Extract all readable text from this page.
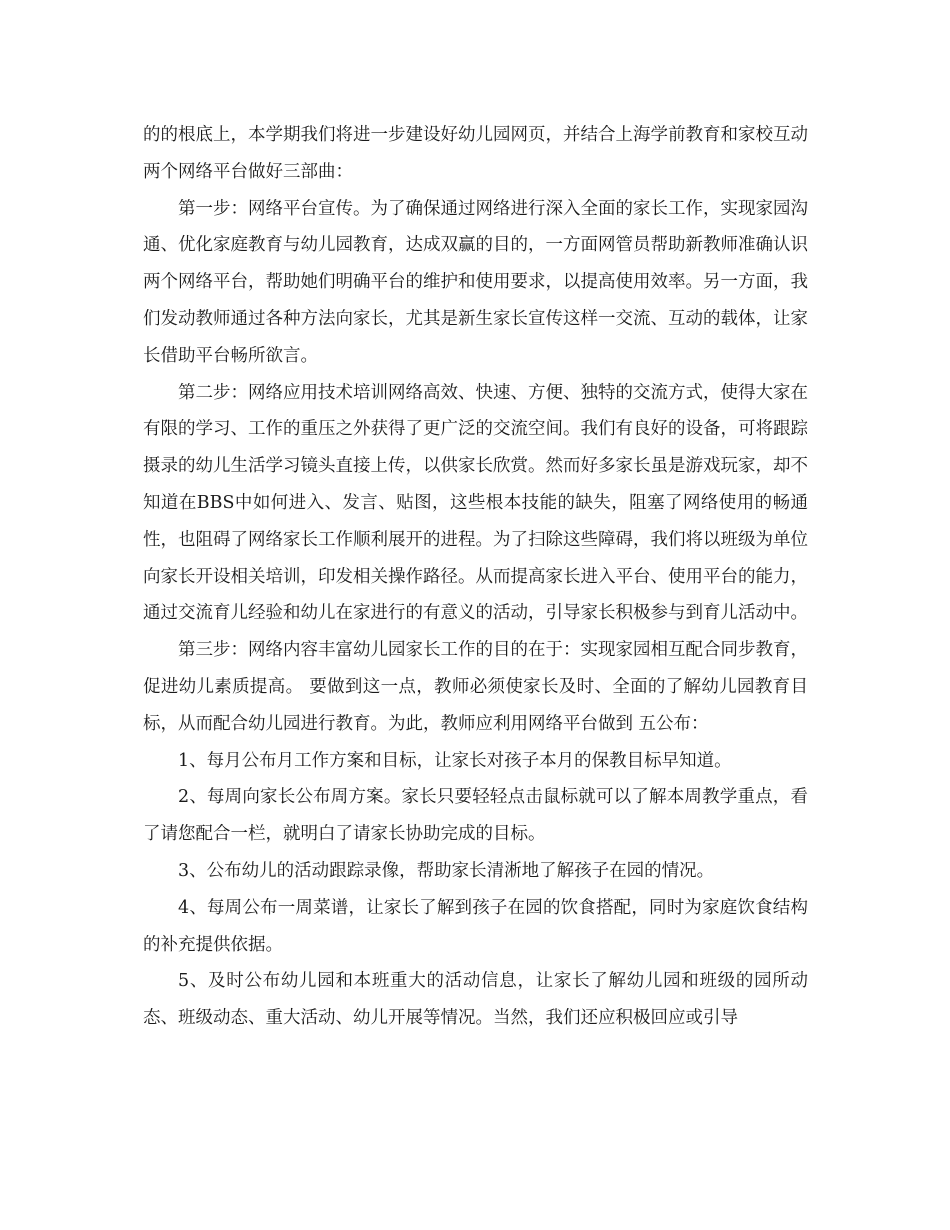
的的根底上，本学期我们将进一步建设好幼儿园网页，并结合上海学前教育和家校互动两个网络平台做好三部曲：

第一步：网络平台宣传。为了确保通过网络进行深入全面的家长工作，实现家园沟通、优化家庭教育与幼儿园教育，达成双赢的目的，一方面网管员帮助新教师准确认识两个网络平台，帮助她们明确平台的维护和使用要求，以提高使用效率。另一方面，我们发动教师通过各种方法向家长，尤其是新生家长宣传这样一交流、互动的载体，让家长借助平台畅所欲言。

第二步：网络应用技术培训网络高效、快速、方便、独特的交流方式，使得大家在有限的学习、工作的重压之外获得了更广泛的交流空间。我们有良好的设备，可将跟踪摄录的幼儿生活学习镜头直接上传，以供家长欣赏。然而好多家长虽是游戏玩家，却不知道在BBS中如何进入、发言、贴图，这些根本技能的缺失，阻塞了网络使用的畅通性，也阻碍了网络家长工作顺利展开的进程。为了扫除这些障碍，我们将以班级为单位向家长开设相关培训，印发相关操作路径。从而提高家长进入平台、使用平台的能力，通过交流育儿经验和幼儿在家进行的有意义的活动，引导家长积极参与到育儿活动中。

第三步：网络内容丰富幼儿园家长工作的目的在于：实现家园相互配合同步教育，促进幼儿素质提高。 要做到这一点，教师必须使家长及时、全面的了解幼儿园教育目标，从而配合幼儿园进行教育。为此，教师应利用网络平台做到 五公布：

1、每月公布月工作方案和目标，让家长对孩子本月的保教目标早知道。

2、每周向家长公布周方案。家长只要轻轻点击鼠标就可以了解本周教学重点，看了请您配合一栏，就明白了请家长协助完成的目标。

3、公布幼儿的活动跟踪录像，帮助家长清淅地了解孩子在园的情况。

4、每周公布一周菜谱，让家长了解到孩子在园的饮食搭配，同时为家庭饮食结构的补充提供依据。

5、及时公布幼儿园和本班重大的活动信息，让家长了解幼儿园和班级的园所动态、班级动态、重大活动、幼儿开展等情况。当然，我们还应积极回应或引导
